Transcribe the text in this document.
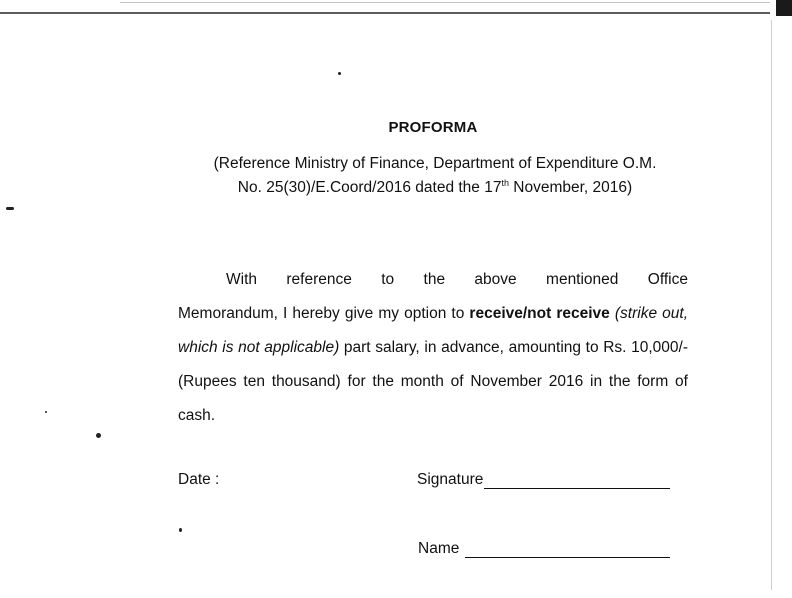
PROFORMA
(Reference Ministry of Finance, Department of Expenditure O.M.
No. 25(30)/E.Coord/2016 dated the 17th November, 2016)
With reference to the above mentioned Office
Memorandum, I hereby give my option to receive/not receive (strike out, which is not applicable) part salary, in advance, amounting to Rs. 10,000/- (Rupees ten thousand) for the month of November 2016 in the form of cash.
Date :	Signature
Name
